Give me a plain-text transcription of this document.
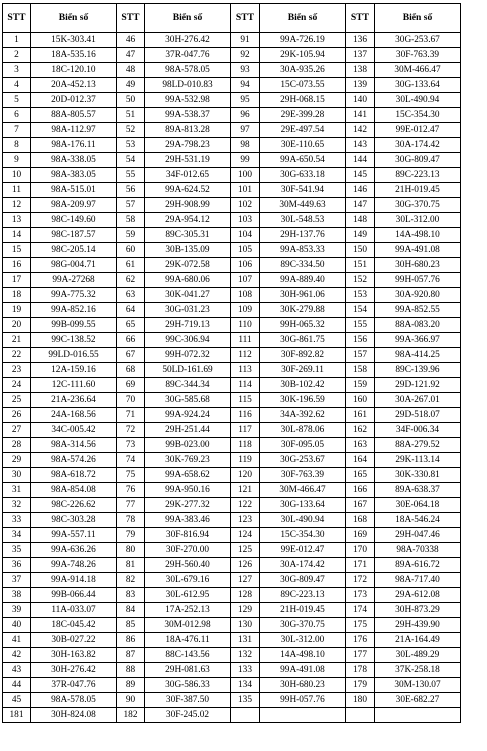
STT	Biển số	STT	Biển số	STT	Biển số	STT	Biển số
1	15K-303.41	46	30H-276.42	91	99A-726.19	136	30G-253.67
2	18A-535.16	47	37R-047.76	92	29K-105.94	137	30F-763.39
3	18C-120.10	48	98A-578.05	93	30A-935.26	138	30M-466.47
4	20A-452.13	49	98LD-010.83	94	15C-073.55	139	30G-133.64
5	20D-012.37	50	99A-532.98	95	29H-068.15	140	30L-490.94
6	88A-805.57	51	99A-538.37	96	29E-399.28	141	15C-354.30
7	98A-112.97	52	89A-813.28	97	29E-497.54	142	99E-012.47
8	98A-176.11	53	29A-798.23	98	30E-110.65	143	30A-174.42
9	98A-338.05	54	29H-531.19	99	99A-650.54	144	30G-809.47
10	98A-383.05	55	34F-012.65	100	30G-633.18	145	89C-223.13
11	98A-515.01	56	99A-624.52	101	30F-541.94	146	21H-019.45
12	98A-209.97	57	29H-908.99	102	30M-449.63	147	30G-370.75
13	98C-149.60	58	29A-954.12	103	30L-548.53	148	30L-312.00
14	98C-187.57	59	89C-305.31	104	29H-137.76	149	14A-498.10
15	98C-205.14	60	30B-135.09	105	99A-853.33	150	99A-491.08
16	98G-004.71	61	29K-072.58	106	89C-334.50	151	30H-680.23
17	99A-27268	62	99A-680.06	107	99A-889.40	152	99H-057.76
18	99A-775.32	63	30K-041.27	108	30H-961.06	153	30A-920.80
19	99A-852.16	64	30G-031.23	109	30K-279.88	154	99A-852.55
20	99B-099.55	65	29H-719.13	110	99H-065.32	155	88A-083.20
21	99C-138.52	66	99C-306.94	111	30G-861.75	156	99A-366.97
22	99LD-016.55	67	99H-072.32	112	30F-892.82	157	98A-414.25
23	12A-159.16	68	50LD-161.69	113	30F-269.11	158	89C-139.96
24	12C-111.60	69	89C-344.34	114	30B-102.42	159	29D-121.92
25	21A-236.64	70	30G-585.68	115	30K-196.59	160	30A-267.01
26	24A-168.56	71	99A-924.24	116	34A-392.62	161	29D-518.07
27	34C-005.42	72	29H-251.44	117	30L-878.06	162	34F-006.34
28	98A-314.56	73	99B-023.00	118	30F-095.05	163	88A-279.52
29	98A-574.26	74	30K-769.23	119	30G-253.67	164	29K-113.14
30	98A-618.72	75	99A-658.62	120	30F-763.39	165	30K-330.81
31	98A-854.08	76	99A-950.16	121	30M-466.47	166	89A-638.37
32	98C-226.62	77	29K-277.32	122	30G-133.64	167	30E-064.18
33	98C-303.28	78	99A-383.46	123	30L-490.94	168	18A-546.24
34	99A-557.11	79	30F-816.94	124	15C-354.30	169	29H-047.46
35	99A-636.26	80	30F-270.00	125	99E-012.47	170	98A-70338
36	99A-748.26	81	29H-560.40	126	30A-174.42	171	89A-616.72
37	99A-914.18	82	30L-679.16	127	30G-809.47	172	98A-717.40
38	99B-066.44	83	30L-612.95	128	89C-223.13	173	29A-612.08
39	11A-033.07	84	17A-252.13	129	21H-019.45	174	30H-873.29
40	18C-045.42	85	30M-012.98	130	30G-370.75	175	29H-439.90
41	30B-027.22	86	18A-476.11	131	30L-312.00	176	21A-164.49
42	30H-163.82	87	88C-143.56	132	14A-498.10	177	30L-489.29
43	30H-276.42	88	29H-081.63	133	99A-491.08	178	37K-258.18
44	37R-047.76	89	30G-586.33	134	30H-680.23	179	30M-130.07
45	98A-578.05	90	30F-387.50	135	99H-057.76	180	30E-682.27
181	30H-824.08	182	30F-245.02				
